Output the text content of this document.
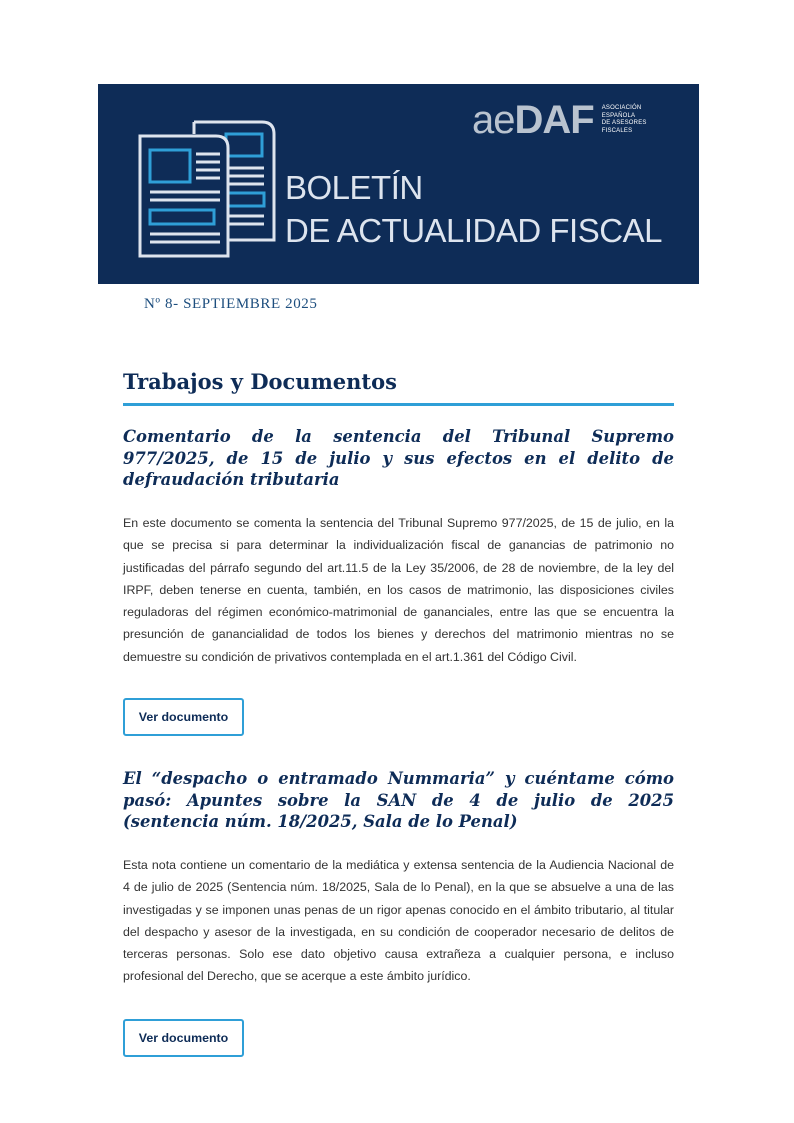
aeDAF ASOCIACIÓN
ESPAÑOLA
DE ASESORES
FISCALES
BOLETÍN
DE ACTUALIDAD FISCAL
Nº 8- SEPTIEMBRE 2025
Trabajos y Documentos
Comentario de la sentencia del Tribunal Supremo 977/2025, de 15 de julio y sus efectos en el delito de defraudación tributaria
En este documento se comenta la sentencia del Tribunal Supremo 977/2025, de 15 de julio, en la que se precisa si para determinar la individualización fiscal de ganancias de patrimonio no justificadas del párrafo segundo del art.11.5 de la Ley 35/2006, de 28 de noviembre, de la ley del IRPF, deben tenerse en cuenta, también, en los casos de matrimonio, las disposiciones civiles reguladoras del régimen económico-matrimonial de gananciales, entre las que se encuentra la presunción de ganancialidad de todos los bienes y derechos del matrimonio mientras no se demuestre su condición de privativos contemplada en el art.1.361 del Código Civil.
Ver documento
El “despacho o entramado Nummaria” y cuéntame cómo pasó: Apuntes sobre la SAN de 4 de julio de 2025 (sentencia núm. 18/2025, Sala de lo Penal)
Esta nota contiene un comentario de la mediática y extensa sentencia de la Audiencia Nacional de 4 de julio de 2025 (Sentencia núm. 18/2025, Sala de lo Penal), en la que se absuelve a una de las investigadas y se imponen unas penas de un rigor apenas conocido en el ámbito tributario, al titular del despacho y asesor de la investigada, en su condición de cooperador necesario de delitos de terceras personas. Solo ese dato objetivo causa extrañeza a cualquier persona, e incluso profesional del Derecho, que se acerque a este ámbito jurídico.
Ver documento
